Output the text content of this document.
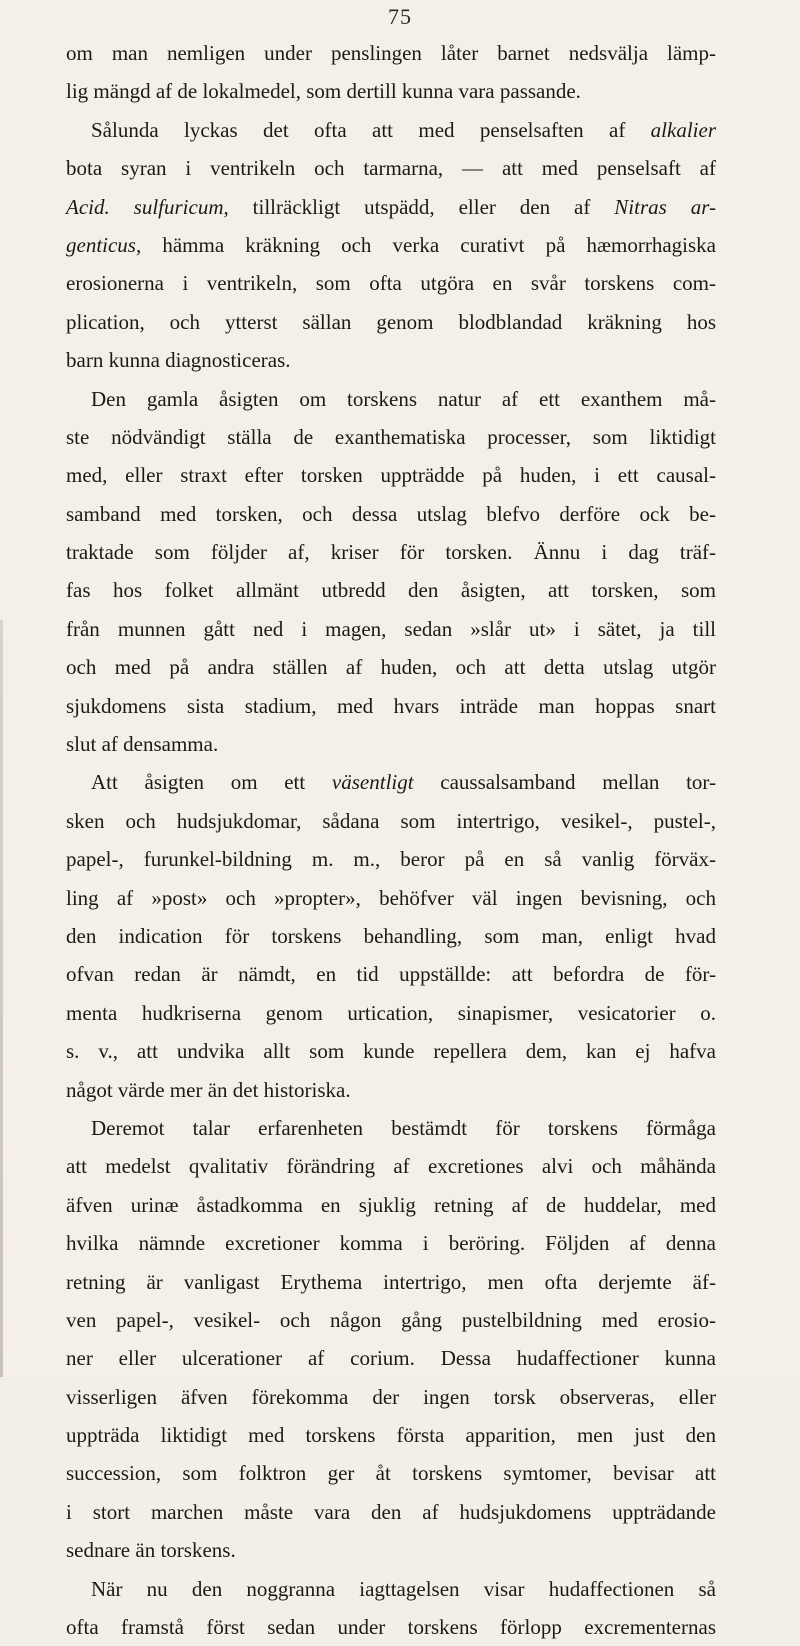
75
om man nemligen under penslingen låter barnet nedsvälja lämp-
lig mängd af de lokalmedel, som dertill kunna vara passande.
Sålunda lyckas det ofta att med penselsaften af alkalier
bota syran i ventrikeln och tarmarna, — att med penselsaft af
Acid. sulfuricum, tillräckligt utspädd, eller den af Nitras ar-
genticus, hämma kräkning och verka curativt på hæmorrhagiska
erosionerna i ventrikeln, som ofta utgöra en svår torskens com-
plication, och ytterst sällan genom blodblandad kräkning hos
barn kunna diagnosticeras.
Den gamla åsigten om torskens natur af ett exanthem må-
ste nödvändigt ställa de exanthematiska processer, som liktidigt
med, eller straxt efter torsken uppträdde på huden, i ett causal-
samband med torsken, och dessa utslag blefvo derföre ock be-
traktade som följder af, kriser för torsken. Ännu i dag träf-
fas hos folket allmänt utbredd den åsigten, att torsken, som
från munnen gått ned i magen, sedan »slår ut» i sätet, ja till
och med på andra ställen af huden, och att detta utslag utgör
sjukdomens sista stadium, med hvars inträde man hoppas snart
slut af densamma.
Att åsigten om ett väsentligt caussalsamband mellan tor-
sken och hudsjukdomar, sådana som intertrigo, vesikel-, pustel-,
papel-, furunkel-bildning m. m., beror på en så vanlig förväx-
ling af »post» och »propter», behöfver väl ingen bevisning, och
den indication för torskens behandling, som man, enligt hvad
ofvan redan är nämdt, en tid uppställde: att befordra de för-
menta hudkriserna genom urtication, sinapismer, vesicatorier o.
s. v., att undvika allt som kunde repellera dem, kan ej hafva
något värde mer än det historiska.
Deremot talar erfarenheten bestämdt för torskens förmåga
att medelst qvalitativ förändring af excretiones alvi och måhända
äfven urinæ åstadkomma en sjuklig retning af de huddelar, med
hvilka nämnde excretioner komma i beröring. Följden af denna
retning är vanligast Erythema intertrigo, men ofta derjemte äf-
ven papel-, vesikel- och någon gång pustelbildning med erosio-
ner eller ulcerationer af corium. Dessa hudaffectioner kunna
visserligen äfven förekomma der ingen torsk observeras, eller
uppträda liktidigt med torskens första apparition, men just den
succession, som folktron ger åt torskens symtomer, bevisar att
i stort marchen måste vara den af hudsjukdomens uppträdande
sednare än torskens.
När nu den noggranna iagttagelsen visar hudaffectionen så
ofta framstå först sedan under torskens förlopp excrementernas
